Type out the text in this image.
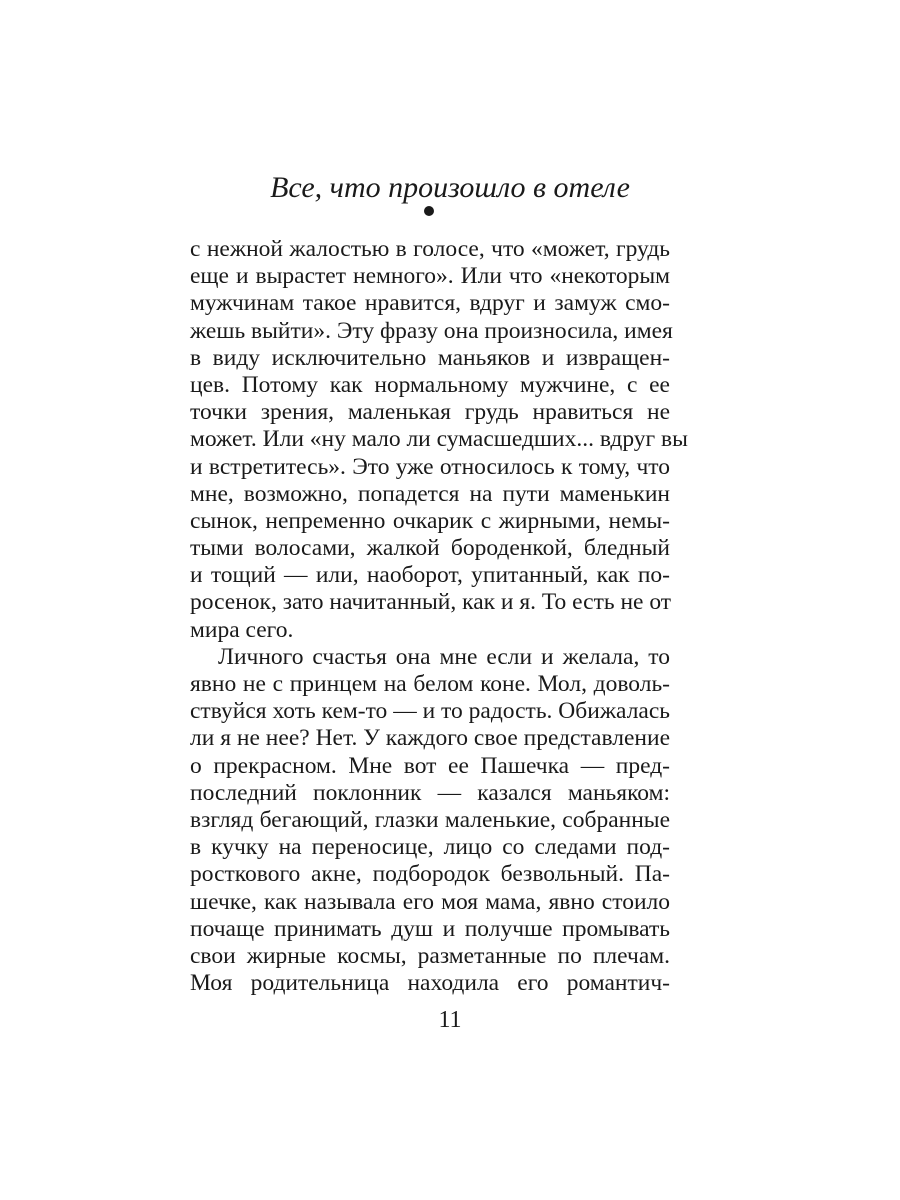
Все, что произошло в отеле
с нежной жалостью в голосе, что «может, грудь
еще и вырастет немного». Или что «некоторым
мужчинам такое нравится, вдруг и замуж смо-
жешь выйти». Эту фразу она произносила, имея
в виду исключительно маньяков и извращен-
цев. Потому как нормальному мужчине, с ее
точки зрения, маленькая грудь нравиться не
может. Или «ну мало ли сумасшедших... вдруг вы
и встретитесь». Это уже относилось к тому, что
мне, возможно, попадется на пути маменькин
сынок, непременно очкарик с жирными, немы-
тыми волосами, жалкой бороденкой, бледный
и тощий — или, наоборот, упитанный, как по-
росенок, зато начитанный, как и я. То есть не от
мира сего.
Личного счастья она мне если и желала, то
явно не с принцем на белом коне. Мол, доволь-
ствуйся хоть кем-то — и то радость. Обижалась
ли я не нее? Нет. У каждого свое представление
о прекрасном. Мне вот ее Пашечка — пред-
последний поклонник — казался маньяком:
взгляд бегающий, глазки маленькие, собранные
в кучку на переносице, лицо со следами под-
росткового акне, подбородок безвольный. Па-
шечке, как называла его моя мама, явно стоило
почаще принимать душ и получше промывать
свои жирные космы, разметанные по плечам.
Моя родительница находила его романтич-
11
